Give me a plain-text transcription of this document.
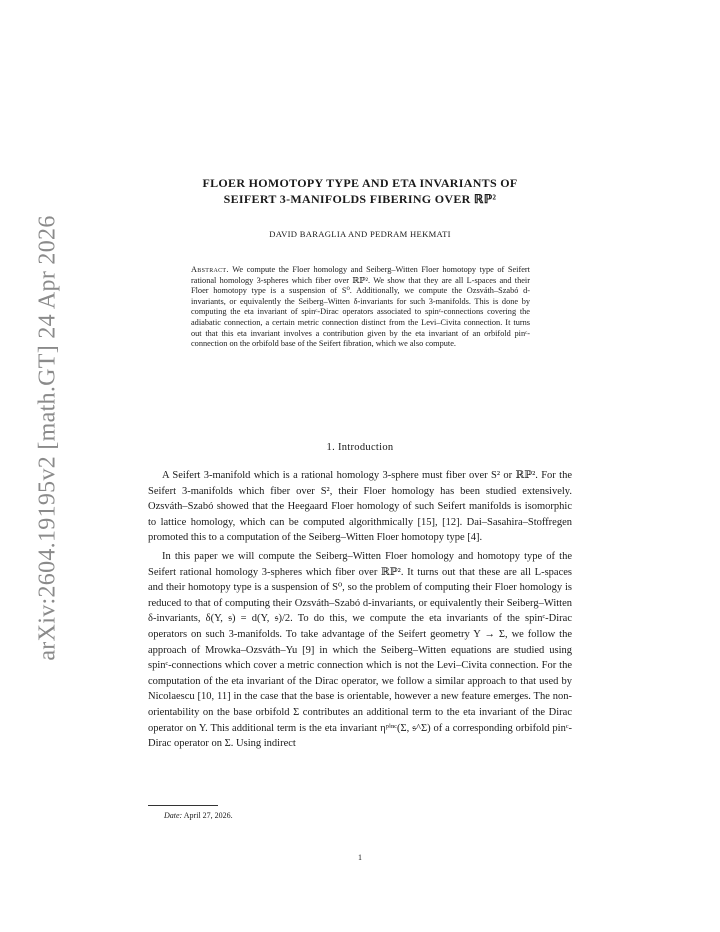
arXiv:2604.19195v2 [math.GT] 24 Apr 2026
FLOER HOMOTOPY TYPE AND ETA INVARIANTS OF
SEIFERT 3-MANIFOLDS FIBERING OVER ℝℙ²
DAVID BARAGLIA AND PEDRAM HEKMATI

Abstract. We compute the Floer homology and Seiberg–Witten Floer homotopy type of Seifert rational homology 3-spheres which fiber over ℝℙ². We show that they are all L-spaces and their Floer homotopy type is a suspension of S⁰. Additionally, we compute the Ozsváth–Szabó d-invariants, or equivalently the Seiberg–Witten δ-invariants for such 3-manifolds. This is done by computing the eta invariant of spinᶜ-Dirac operators associated to spinᶜ-connections covering the adiabatic connection, a certain metric connection distinct from the Levi–Civita connection. It turns out that this eta invariant involves a contribution given by the eta invariant of an orbifold pinᶜ-connection on the orbifold base of the Seifert fibration, which we also compute.

1. Introduction

A Seifert 3-manifold which is a rational homology 3-sphere must fiber over S² or ℝℙ². For the Seifert 3-manifolds which fiber over S², their Floer homology has been studied extensively. Ozsváth–Szabó showed that the Heegaard Floer homology of such Seifert manifolds is isomorphic to lattice homology, which can be computed algorithmically [15], [12]. Dai–Sasahira–Stoffregen promoted this to a computation of the Seiberg–Witten Floer homotopy type [4].

In this paper we will compute the Seiberg–Witten Floer homology and homotopy type of the Seifert rational homology 3-spheres which fiber over ℝℙ². It turns out that these are all L-spaces and their homotopy type is a suspension of S⁰, so the problem of computing their Floer homology is reduced to that of computing their Ozsváth–Szabó d-invariants, or equivalently their Seiberg–Witten δ-invariants, δ(Y, 𝔰) = d(Y, 𝔰)/2. To do this, we compute the eta invariants of the spinᶜ-Dirac operators on such 3-manifolds. To take advantage of the Seifert geometry Y → Σ, we follow the approach of Mrowka–Ozsváth–Yu [9] in which the Seiberg–Witten equations are studied using spinᶜ-connections which cover a metric connection which is not the Levi–Civita connection. For the computation of the eta invariant of the Dirac operator, we follow a similar approach to that used by Nicolaescu [10, 11] in the case that the base is orientable, however a new feature emerges. The non-orientability on the base orbifold Σ contributes an additional term to the eta invariant of the Dirac operator on Y. This additional term is the eta invariant ηᵖⁱⁿᶜ(Σ, 𝔰^Σ) of a corresponding orbifold pinᶜ-Dirac operator on Σ. Using indirect

Date: April 27, 2026.
1
